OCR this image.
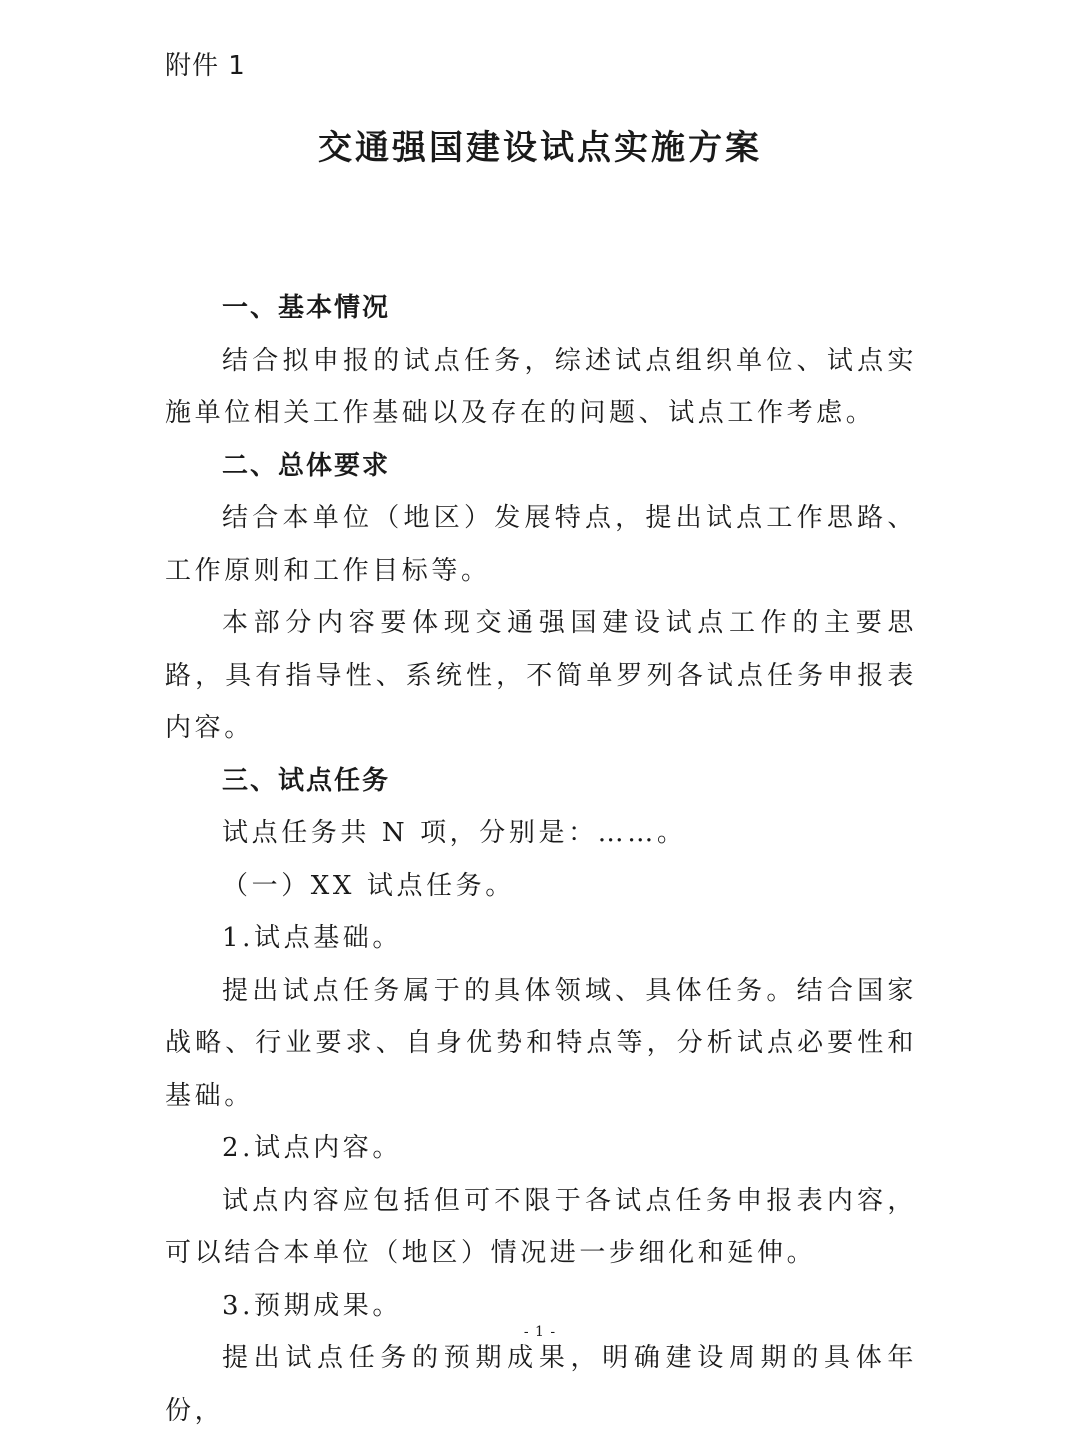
附件 1
交通强国建设试点实施方案

一、基本情况

结合拟申报的试点任务，综述试点组织单位、试点实施单位相关工作基础以及存在的问题、试点工作考虑。

二、总体要求

结合本单位（地区）发展特点，提出试点工作思路、工作原则和工作目标等。

本部分内容要体现交通强国建设试点工作的主要思路，具有指导性、系统性，不简单罗列各试点任务申报表内容。

三、试点任务

试点任务共 N 项，分别是：……。

（一）XX 试点任务。

1.试点基础。

提出试点任务属于的具体领域、具体任务。结合国家战略、行业要求、自身优势和特点等，分析试点必要性和基础。

2.试点内容。

试点内容应包括但可不限于各试点任务申报表内容，可以结合本单位（地区）情况进一步细化和延伸。

3.预期成果。

提出试点任务的预期成果，明确建设周期的具体年份，

- 1 -
